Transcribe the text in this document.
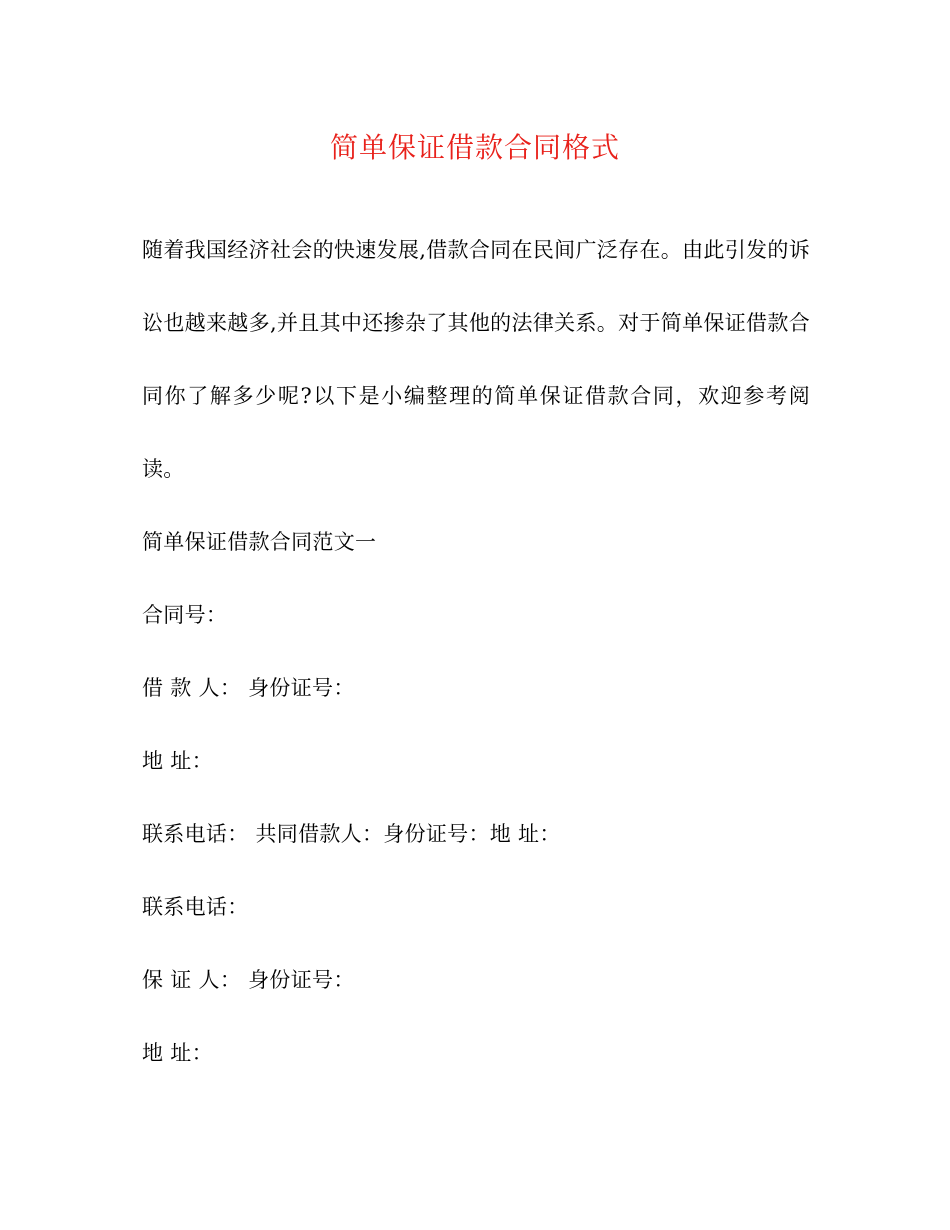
简单保证借款合同格式

随着我国经济社会的快速发展,借款合同在民间广泛存在。由此引发的诉讼也越来越多,并且其中还掺杂了其他的法律关系。对于简单保证借款合同你了解多少呢?以下是小编整理的简单保证借款合同，欢迎参考阅读。

简单保证借款合同范文一

合同号：

借 款 人： 身份证号：

地 址：

联系电话： 共同借款人：身份证号：地 址：

联系电话：

保 证 人： 身份证号：

地 址：
